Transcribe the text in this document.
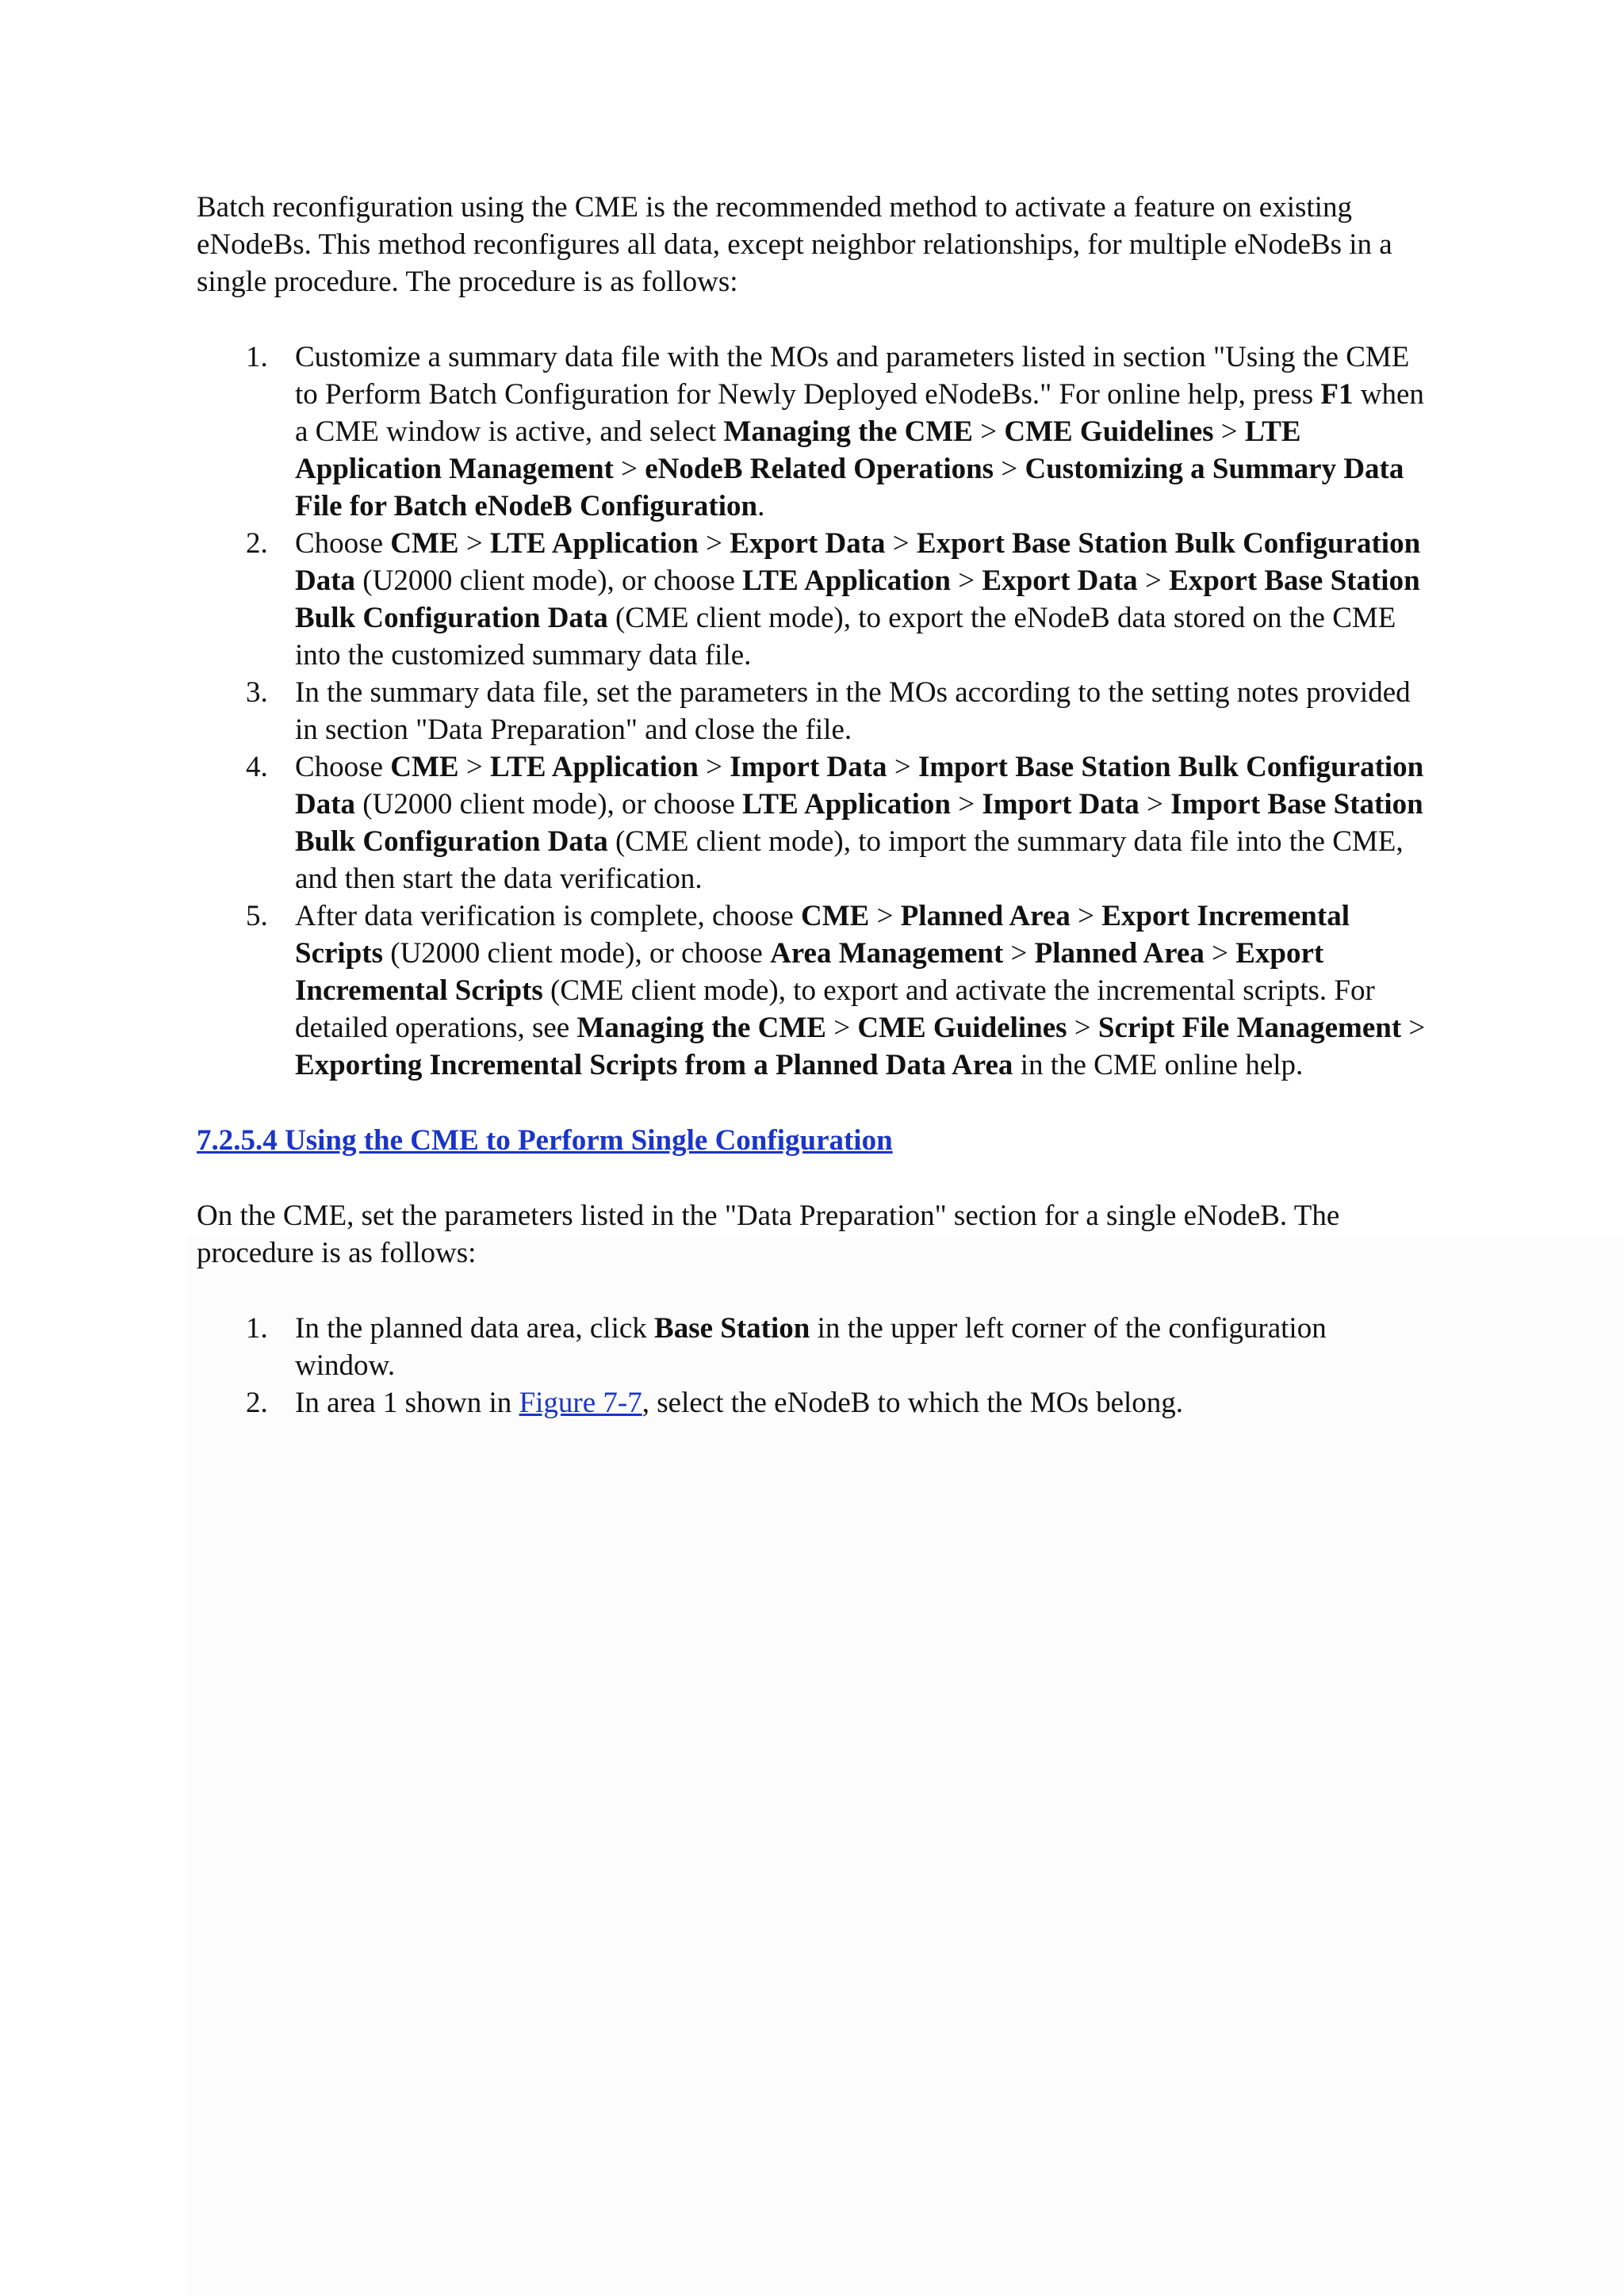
Batch reconfiguration using the CME is the recommended method to activate a feature on existing eNodeBs. This method reconfigures all data, except neighbor relationships, for multiple eNodeBs in a single procedure. The procedure is as follows:

1. Customize a summary data file with the MOs and parameters listed in section "Using the CME to Perform Batch Configuration for Newly Deployed eNodeBs." For online help, press F1 when a CME window is active, and select Managing the CME > CME Guidelines > LTE Application Management > eNodeB Related Operations > Customizing a Summary Data File for Batch eNodeB Configuration.
2. Choose CME > LTE Application > Export Data > Export Base Station Bulk Configuration Data (U2000 client mode), or choose LTE Application > Export Data > Export Base Station Bulk Configuration Data (CME client mode), to export the eNodeB data stored on the CME into the customized summary data file.
3. In the summary data file, set the parameters in the MOs according to the setting notes provided in section "Data Preparation" and close the file.
4. Choose CME > LTE Application > Import Data > Import Base Station Bulk Configuration Data (U2000 client mode), or choose LTE Application > Import Data > Import Base Station Bulk Configuration Data (CME client mode), to import the summary data file into the CME, and then start the data verification.
5. After data verification is complete, choose CME > Planned Area > Export Incremental Scripts (U2000 client mode), or choose Area Management > Planned Area > Export Incremental Scripts (CME client mode), to export and activate the incremental scripts. For detailed operations, see Managing the CME > CME Guidelines > Script File Management > Exporting Incremental Scripts from a Planned Data Area in the CME online help.

7.2.5.4 Using the CME to Perform Single Configuration

On the CME, set the parameters listed in the "Data Preparation" section for a single eNodeB. The procedure is as follows:

1. In the planned data area, click Base Station in the upper left corner of the configuration window.
2. In area 1 shown in Figure 7-7, select the eNodeB to which the MOs belong.
